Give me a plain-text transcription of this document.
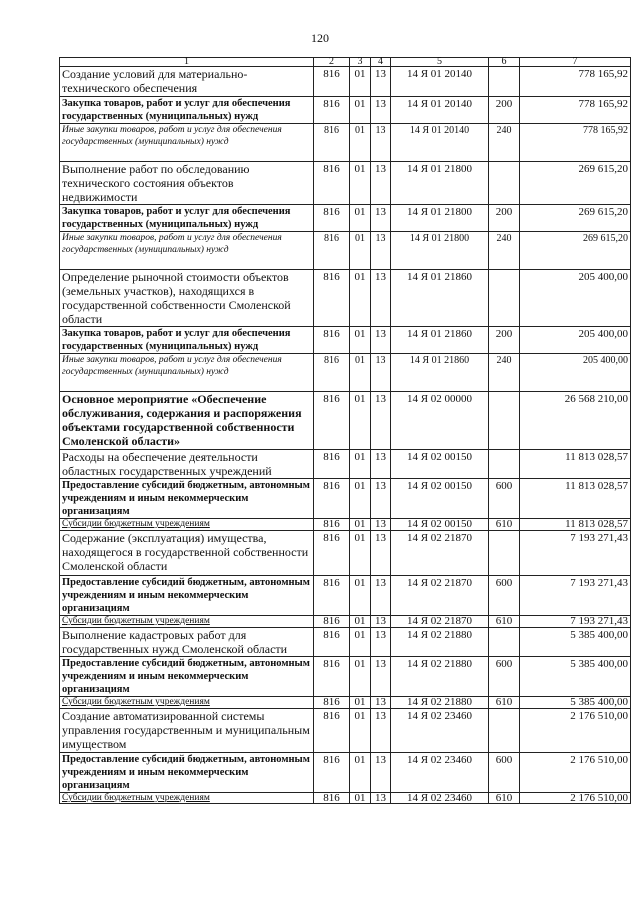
120
1	2	3	4	5	6	7
Создание условий для материально-технического обеспечения	816	01	13	14 Я 01 20140		778 165,92
Закупка товаров, работ и услуг для обеспечения государственных (муниципальных) нужд	816	01	13	14 Я 01 20140	200	778 165,92
Иные закупки товаров, работ и услуг для обеспечения государственных (муниципальных) нужд	816	01	13	14 Я 01 20140	240	778 165,92
Выполнение работ по обследованию технического состояния объектов недвижимости	816	01	13	14 Я 01 21800		269 615,20
Закупка товаров, работ и услуг для обеспечения государственных (муниципальных) нужд	816	01	13	14 Я 01 21800	200	269 615,20
Иные закупки товаров, работ и услуг для обеспечения государственных (муниципальных) нужд	816	01	13	14 Я 01 21800	240	269 615,20
Определение рыночной стоимости объектов (земельных участков), находящихся в государственной собственности Смоленской области	816	01	13	14 Я 01 21860		205 400,00
Закупка товаров, работ и услуг для обеспечения государственных (муниципальных) нужд	816	01	13	14 Я 01 21860	200	205 400,00
Иные закупки товаров, работ и услуг для обеспечения государственных (муниципальных) нужд	816	01	13	14 Я 01 21860	240	205 400,00
Основное мероприятие «Обеспечение обслуживания, содержания и распоряжения объектами государственной собственности Смоленской области»	816	01	13	14 Я 02 00000		26 568 210,00
Расходы на обеспечение деятельности областных государственных учреждений	816	01	13	14 Я 02 00150		11 813 028,57
Предоставление субсидий бюджетным, автономным учреждениям и иным некоммерческим организациям	816	01	13	14 Я 02 00150	600	11 813 028,57
Субсидии бюджетным учреждениям	816	01	13	14 Я 02 00150	610	11 813 028,57
Содержание (эксплуатация) имущества, находящегося в государственной собственности Смоленской области	816	01	13	14 Я 02 21870		7 193 271,43
Предоставление субсидий бюджетным, автономным учреждениям и иным некоммерческим организациям	816	01	13	14 Я 02 21870	600	7 193 271,43
Субсидии бюджетным учреждениям	816	01	13	14 Я 02 21870	610	7 193 271,43
Выполнение кадастровых работ для государственных нужд Смоленской области	816	01	13	14 Я 02 21880		5 385 400,00
Предоставление субсидий бюджетным, автономным учреждениям и иным некоммерческим организациям	816	01	13	14 Я 02 21880	600	5 385 400,00
Субсидии бюджетным учреждениям	816	01	13	14 Я 02 21880	610	5 385 400,00
Создание автоматизированной системы управления государственным и муниципальным имуществом	816	01	13	14 Я 02 23460		2 176 510,00
Предоставление субсидий бюджетным, автономным учреждениям и иным некоммерческим организациям	816	01	13	14 Я 02 23460	600	2 176 510,00
Субсидии бюджетным учреждениям	816	01	13	14 Я 02 23460	610	2 176 510,00
